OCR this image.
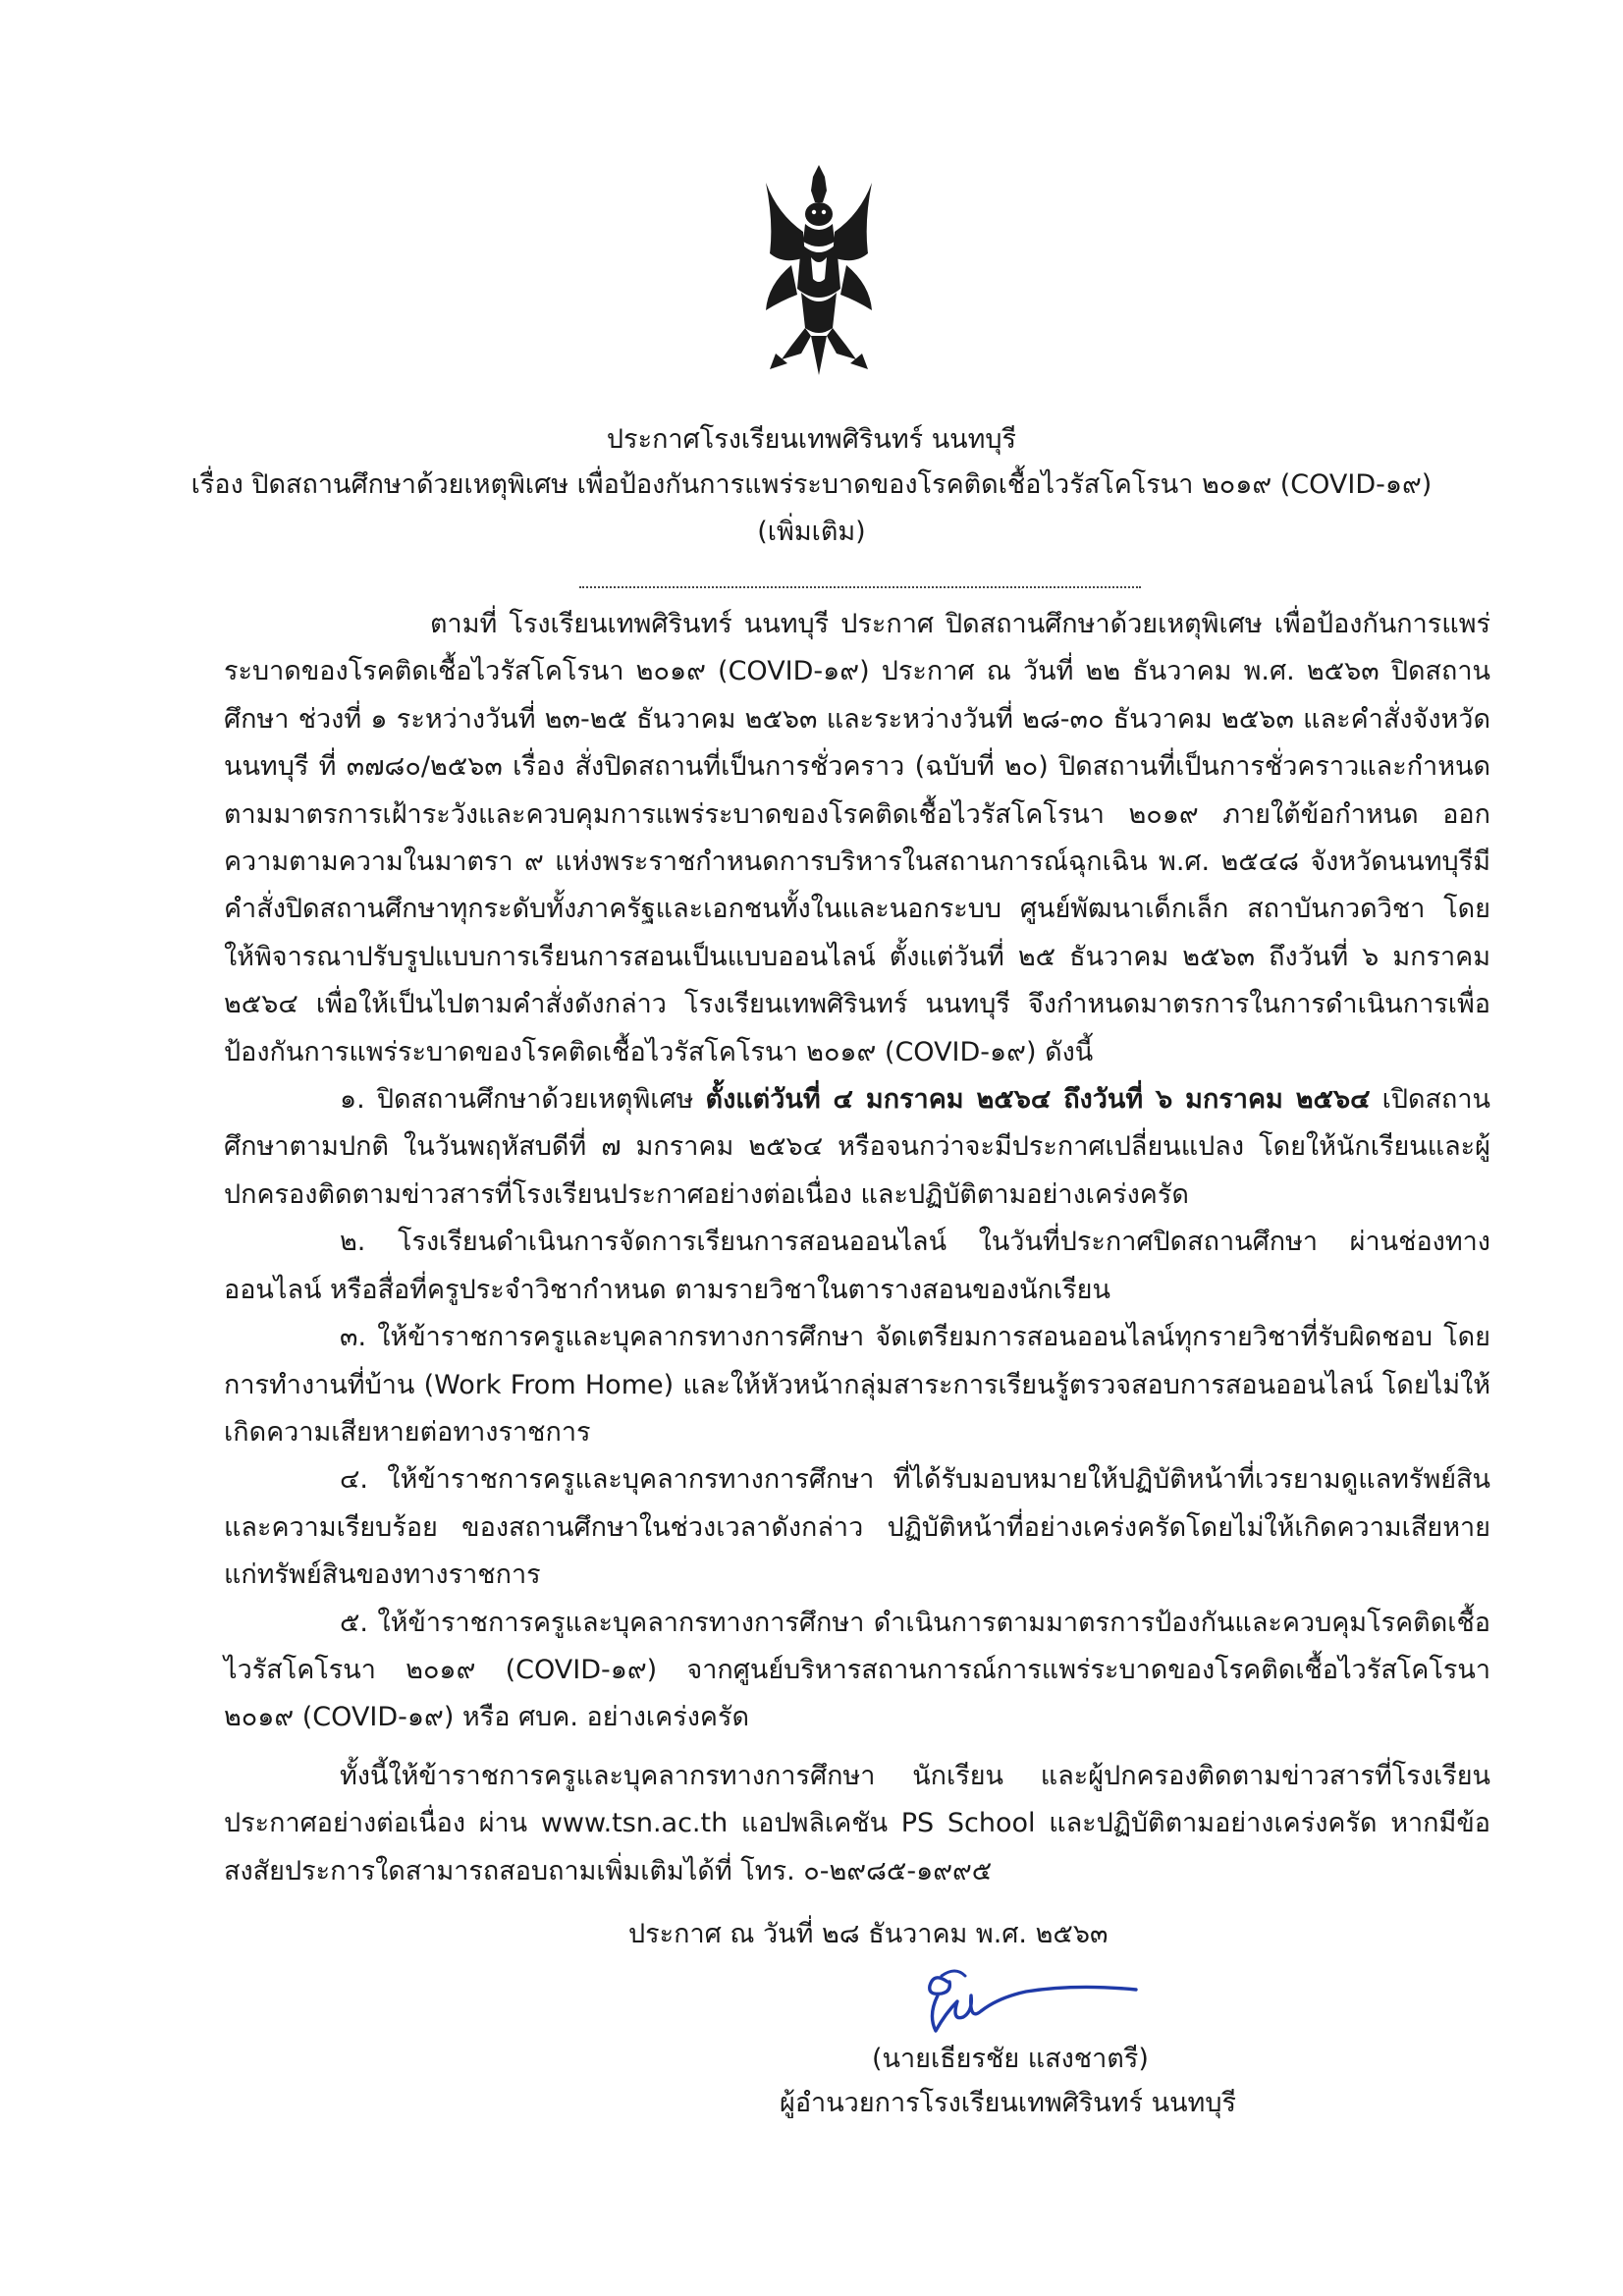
ประกาศโรงเรียนเทพศิรินทร์ นนทบุรี
เรื่อง ปิดสถานศึกษาด้วยเหตุพิเศษ เพื่อป้องกันการแพร่ระบาดของโรคติดเชื้อไวรัสโคโรนา ๒๐๑๙ (COVID-๑๙)
(เพิ่มเติม)

ตามที่ โรงเรียนเทพศิรินทร์ นนทบุรี ประกาศ ปิดสถานศึกษาด้วยเหตุพิเศษ เพื่อป้องกันการแพร่ระบาดของโรคติดเชื้อไวรัสโคโรนา ๒๐๑๙ (COVID-๑๙) ประกาศ ณ วันที่ ๒๒ ธันวาคม พ.ศ. ๒๕๖๓ ปิดสถานศึกษา ช่วงที่ ๑ ระหว่างวันที่ ๒๓-๒๕ ธันวาคม ๒๕๖๓ และระหว่างวันที่ ๒๘-๓๐ ธันวาคม ๒๕๖๓ และคำสั่งจังหวัดนนทบุรี ที่ ๓๗๘๐/๒๕๖๓ เรื่อง สั่งปิดสถานที่เป็นการชั่วคราว (ฉบับที่ ๒๐) ปิดสถานที่เป็นการชั่วคราวและกำหนดตามมาตรการเฝ้าระวังและควบคุมการแพร่ระบาดของโรคติดเชื้อไวรัสโคโรนา ๒๐๑๙ ภายใต้ข้อกำหนด ออกความตามความในมาตรา ๙ แห่งพระราชกำหนดการบริหารในสถานการณ์ฉุกเฉิน พ.ศ. ๒๕๔๘ จังหวัดนนทบุรีมีคำสั่งปิดสถานศึกษาทุกระดับทั้งภาครัฐและเอกชนทั้งในและนอกระบบ ศูนย์พัฒนาเด็กเล็ก สถาบันกวดวิชา โดยให้พิจารณาปรับรูปแบบการเรียนการสอนเป็นแบบออนไลน์ ตั้งแต่วันที่ ๒๕ ธันวาคม ๒๕๖๓ ถึงวันที่ ๖ มกราคม ๒๕๖๔ เพื่อให้เป็นไปตามคำสั่งดังกล่าว โรงเรียนเทพศิรินทร์ นนทบุรี จึงกำหนดมาตรการในการดำเนินการเพื่อป้องกันการแพร่ระบาดของโรคติดเชื้อไวรัสโคโรนา ๒๐๑๙ (COVID-๑๙) ดังนี้

๑. ปิดสถานศึกษาด้วยเหตุพิเศษ ตั้งแต่วันที่ ๔ มกราคม ๒๕๖๔ ถึงวันที่ ๖ มกราคม ๒๕๖๔ เปิดสถานศึกษาตามปกติ ในวันพฤหัสบดีที่ ๗ มกราคม ๒๕๖๔ หรือจนกว่าจะมีประกาศเปลี่ยนแปลง โดยให้นักเรียนและผู้ปกครองติดตามข่าวสารที่โรงเรียนประกาศอย่างต่อเนื่อง และปฏิบัติตามอย่างเคร่งครัด

๒. โรงเรียนดำเนินการจัดการเรียนการสอนออนไลน์ ในวันที่ประกาศปิดสถานศึกษา ผ่านช่องทางออนไลน์ หรือสื่อที่ครูประจำวิชากำหนด ตามรายวิชาในตารางสอนของนักเรียน

๓. ให้ข้าราชการครูและบุคลากรทางการศึกษา จัดเตรียมการสอนออนไลน์ทุกรายวิชาที่รับผิดชอบ โดยการทำงานที่บ้าน (Work From Home) และให้หัวหน้ากลุ่มสาระการเรียนรู้ตรวจสอบการสอนออนไลน์ โดยไม่ให้เกิดความเสียหายต่อทางราชการ

๔. ให้ข้าราชการครูและบุคลากรทางการศึกษา ที่ได้รับมอบหมายให้ปฏิบัติหน้าที่เวรยามดูแลทรัพย์สิน และความเรียบร้อย ของสถานศึกษาในช่วงเวลาดังกล่าว ปฏิบัติหน้าที่อย่างเคร่งครัดโดยไม่ให้เกิดความเสียหาย แก่ทรัพย์สินของทางราชการ

๕. ให้ข้าราชการครูและบุคลากรทางการศึกษา ดำเนินการตามมาตรการป้องกันและควบคุมโรคติดเชื้อ ไวรัสโคโรนา ๒๐๑๙ (COVID-๑๙) จากศูนย์บริหารสถานการณ์การแพร่ระบาดของโรคติดเชื้อไวรัสโคโรนา ๒๐๑๙ (COVID-๑๙) หรือ ศบค. อย่างเคร่งครัด

ทั้งนี้ให้ข้าราชการครูและบุคลากรทางการศึกษา นักเรียน และผู้ปกครองติดตามข่าวสารที่โรงเรียน ประกาศอย่างต่อเนื่อง ผ่าน www.tsn.ac.th แอปพลิเคชัน PS School และปฏิบัติตามอย่างเคร่งครัด หากมีข้อสงสัยประการใดสามารถสอบถามเพิ่มเติมได้ที่ โทร. ๐-๒๙๘๕-๑๙๙๕

ประกาศ ณ วันที่ ๒๘ ธันวาคม พ.ศ. ๒๕๖๓
(นายเธียรชัย แสงชาตรี)
ผู้อำนวยการโรงเรียนเทพศิรินทร์ นนทบุรี
